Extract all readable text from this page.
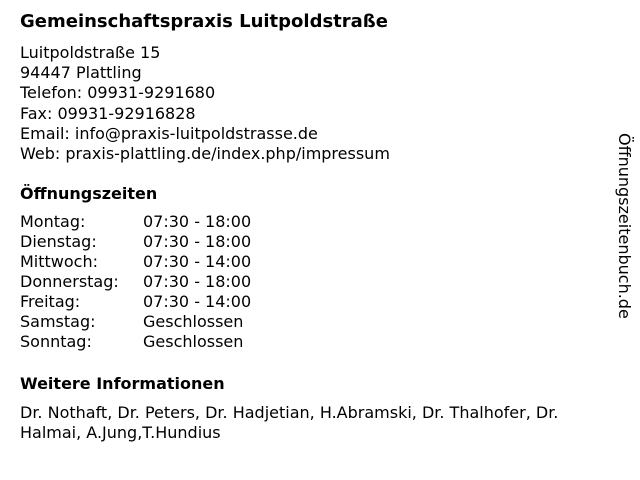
Gemeinschaftspraxis Luitpoldstraße
Luitpoldstraße 15
94447 Plattling
Telefon: 09931-9291680
Fax: 09931-92916828
Email: info@praxis-luitpoldstrasse.de
Web: praxis-plattling.de/index.php/impressum
Öffnungszeiten
Montag:	07:30 - 18:00
Dienstag:	07:30 - 18:00
Mittwoch:	07:30 - 14:00
Donnerstag: 07:30 - 18:00
Freitag:	07:30 - 14:00
Samstag:	Geschlossen
Sonntag:	Geschlossen
Weitere Informationen
Dr. Nothaft, Dr. Peters, Dr. Hadjetian, H.Abramski, Dr. Thalhofer, Dr. Halmai, A.Jung,T.Hundius
Öffnungszeitenbuch.de
